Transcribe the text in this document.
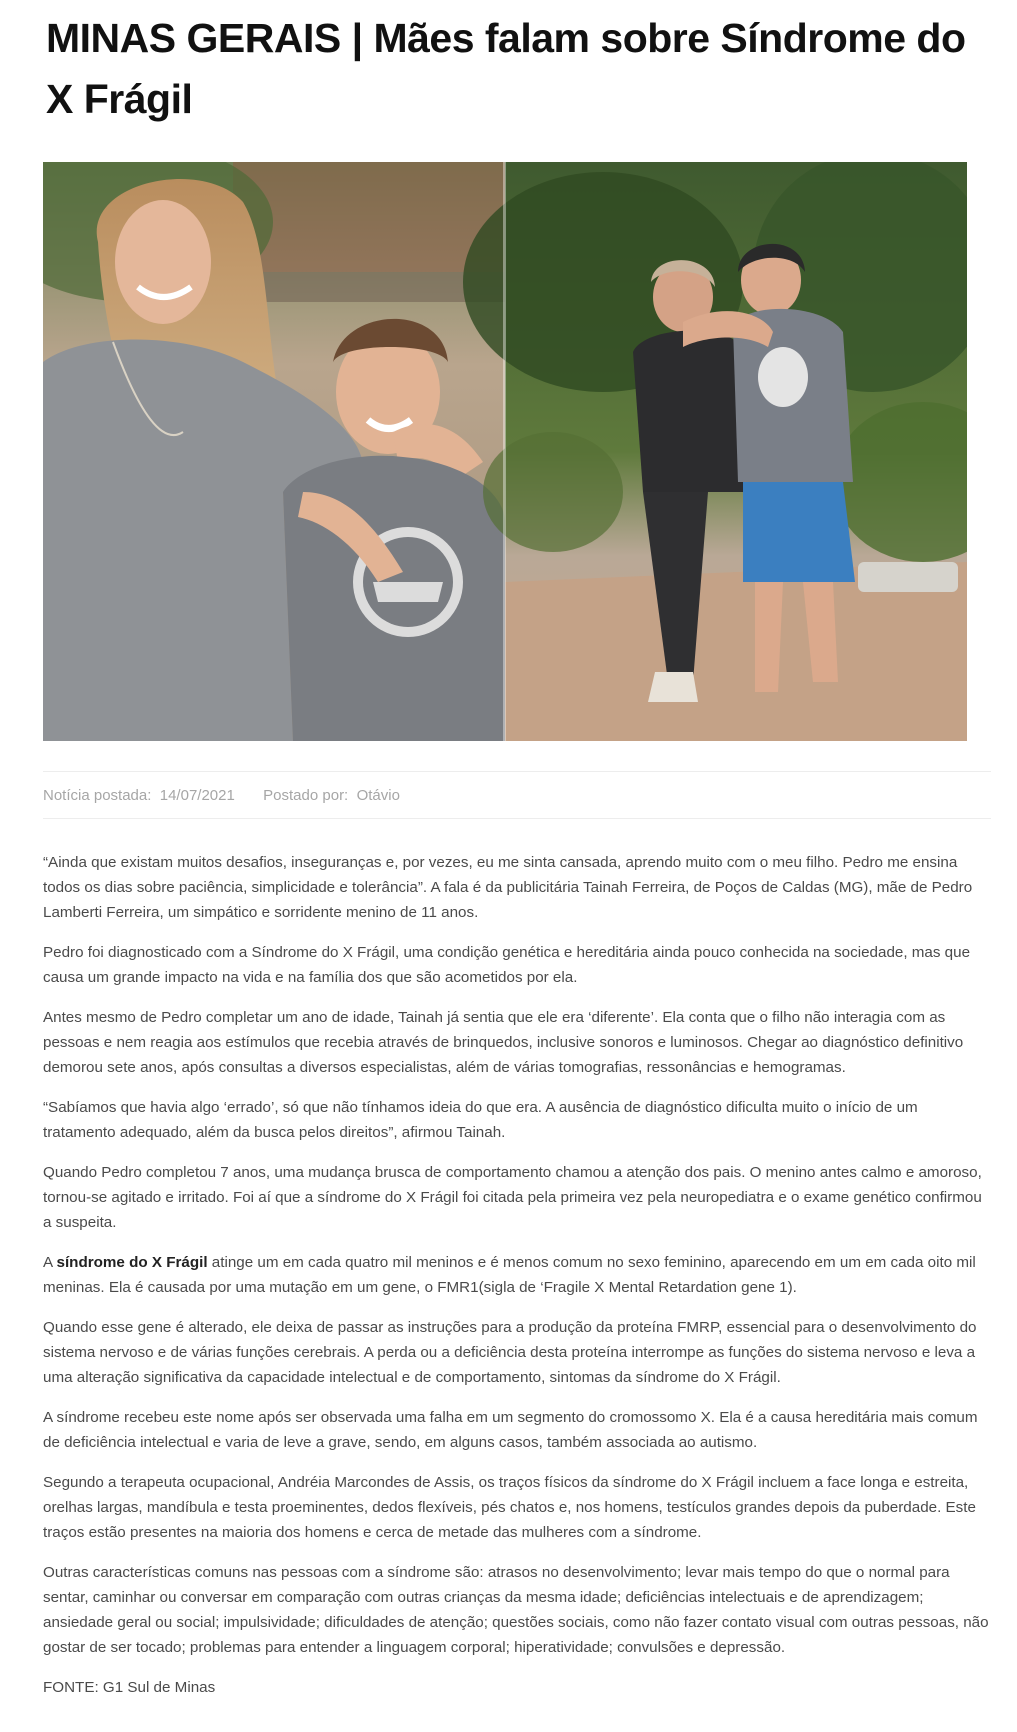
MINAS GERAIS | Mães falam sobre Síndrome do X Frágil
Notícia postada:  14/07/2021 Postado por:  Otávio

“Ainda que existam muitos desafios, inseguranças e, por vezes, eu me sinta cansada, aprendo muito com o meu filho. Pedro me ensina todos os dias sobre paciência, simplicidade e tolerância”. A fala é da publicitária Tainah Ferreira, de Poços de Caldas (MG), mãe de Pedro Lamberti Ferreira, um simpático e sorridente menino de 11 anos.

Pedro foi diagnosticado com a Síndrome do X Frágil, uma condição genética e hereditária ainda pouco conhecida na sociedade, mas que causa um grande impacto na vida e na família dos que são acometidos por ela.

Antes mesmo de Pedro completar um ano de idade, Tainah já sentia que ele era ‘diferente’. Ela conta que o filho não interagia com as pessoas e nem reagia aos estímulos que recebia através de brinquedos, inclusive sonoros e luminosos. Chegar ao diagnóstico definitivo demorou sete anos, após consultas a diversos especialistas, além de várias tomografias, ressonâncias e hemogramas.

“Sabíamos que havia algo ‘errado’, só que não tínhamos ideia do que era. A ausência de diagnóstico dificulta muito o início de um tratamento adequado, além da busca pelos direitos”, afirmou Tainah.

Quando Pedro completou 7 anos, uma mudança brusca de comportamento chamou a atenção dos pais. O menino antes calmo e amoroso, tornou-se agitado e irritado. Foi aí que a síndrome do X Frágil foi citada pela primeira vez pela neuropediatra e o exame genético confirmou a suspeita.

A síndrome do X Frágil atinge um em cada quatro mil meninos e é menos comum no sexo feminino, aparecendo em um em cada oito mil meninas. Ela é causada por uma mutação em um gene, o FMR1(sigla de ‘Fragile X Mental Retardation gene 1).

Quando esse gene é alterado, ele deixa de passar as instruções para a produção da proteína FMRP, essencial para o desenvolvimento do sistema nervoso e de várias funções cerebrais. A perda ou a deficiência desta proteína interrompe as funções do sistema nervoso e leva a uma alteração significativa da capacidade intelectual e de comportamento, sintomas da síndrome do X Frágil.

A síndrome recebeu este nome após ser observada uma falha em um segmento do cromossomo X. Ela é a causa hereditária mais comum de deficiência intelectual e varia de leve a grave, sendo, em alguns casos, também associada ao autismo.

Segundo a terapeuta ocupacional, Andréia Marcondes de Assis, os traços físicos da síndrome do X Frágil incluem a face longa e estreita, orelhas largas, mandíbula e testa proeminentes, dedos flexíveis, pés chatos e, nos homens, testículos grandes depois da puberdade. Este traços estão presentes na maioria dos homens e cerca de metade das mulheres com a síndrome.

Outras características comuns nas pessoas com a síndrome são: atrasos no desenvolvimento; levar mais tempo do que o normal para sentar, caminhar ou conversar em comparação com outras crianças da mesma idade; deficiências intelectuais e de aprendizagem; ansiedade geral ou social; impulsividade; dificuldades de atenção; questões sociais, como não fazer contato visual com outras pessoas, não gostar de ser tocado; problemas para entender a linguagem corporal; hiperatividade; convulsões e depressão.

FONTE: G1 Sul de Minas
